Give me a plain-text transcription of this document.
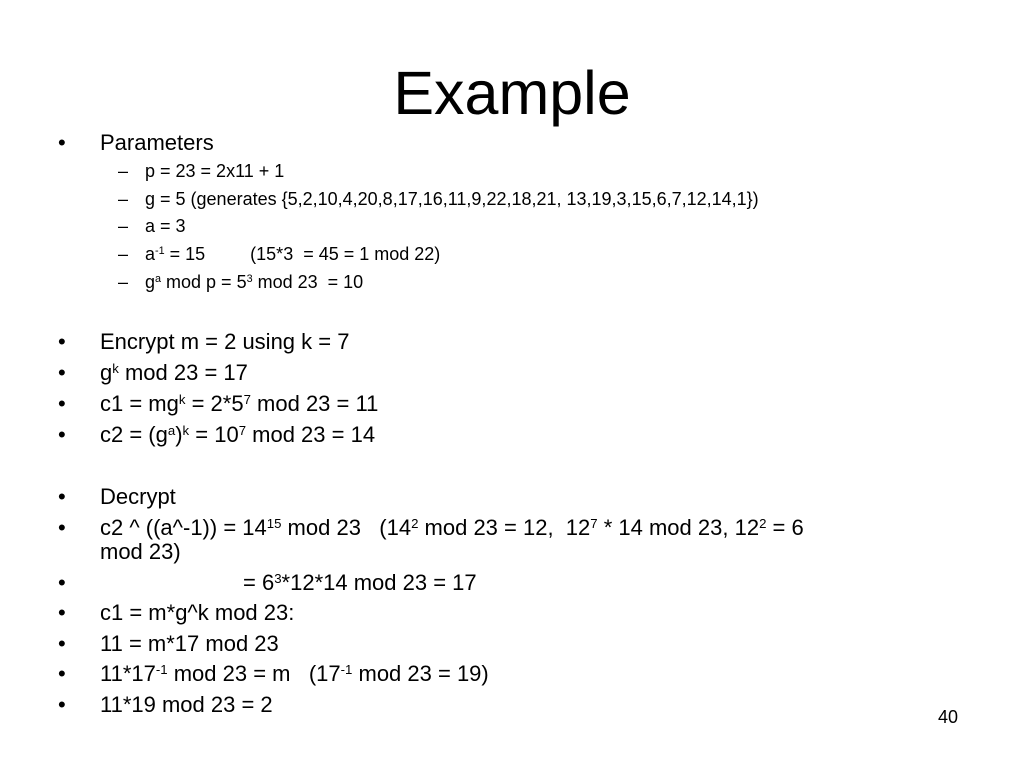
Example
• Parameters
– p = 23 = 2x11 + 1
– g = 5 (generates {5,2,10,4,20,8,17,16,11,9,22,18,21, 13,19,3,15,6,7,12,14,1})
– a = 3
– $a^{-1} = 15$         (15*3  = 45 = 1 mod 22)
– $g^a$ mod $p = 5^3$ mod 23  = 10
• Encrypt m = 2 using k = 7
• $g^k$ mod 23 = 17
• $c1 = mg^k = 2*5^7$ mod 23 = 11
• $c2 = (g^a)^k = 10^7$ mod 23 = 14
• Decrypt
• c2 ^ ((a^-1)) = $14^{15}$ mod 23   ($14^2$ mod 23 = 12,  $12^7 * 14$ mod 23, $12^2 = 6$
mod 23)
•	= $6^3*12*14$ mod 23 = 17
• c1 = m*g^k mod 23:
• 11 = m*17 mod 23
• $11*17^{-1}$ mod 23 = m   ($17^{-1}$ mod 23 = 19)
• 11*19 mod 23 = 2	40
